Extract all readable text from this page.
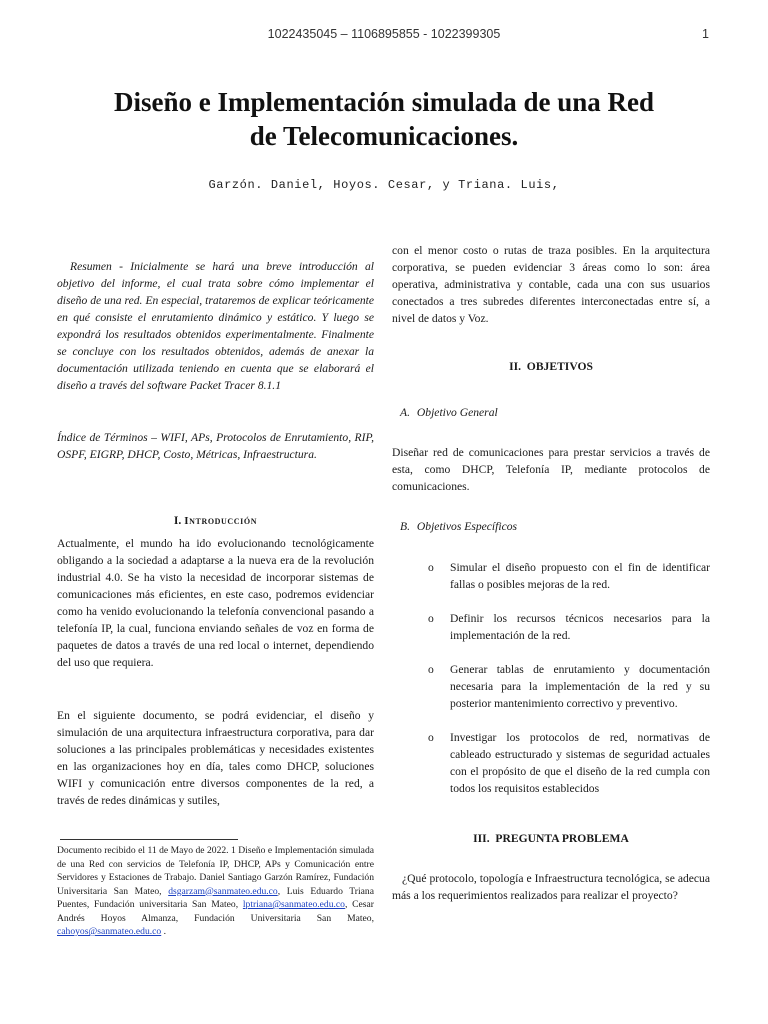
1022435045 – 1106895855 - 1022399305	1
Diseño e Implementación simulada de una Red
de Telecomunicaciones.
Garzón. Daniel, Hoyos. Cesar, y Triana. Luis,

Resumen - Inicialmente se hará una breve introducción al objetivo del informe, el cual trata sobre cómo implementar el diseño de una red. En especial, trataremos de explicar teóricamente en qué consiste el enrutamiento dinámico y estático. Y luego se expondrá los resultados obtenidos experimentalmente. Finalmente se concluye con los resultados obtenidos, además de anexar la documentación utilizada teniendo en cuenta que se elaborará el diseño a través del software Packet Tracer 8.1.1

Índice de Términos – WIFI, APs, Protocolos de Enrutamiento, RIP, OSPF, EIGRP, DHCP, Costo, Métricas, Infraestructura.

I. Introducción

Actualmente, el mundo ha ido evolucionando tecnológicamente obligando a la sociedad a adaptarse a la nueva era de la revolución industrial 4.0. Se ha visto la necesidad de incorporar sistemas de comunicaciones más eficientes, en este caso, podremos evidenciar como ha venido evolucionando la telefonía convencional pasando a telefonía IP, la cual, funciona enviando señales de voz en forma de paquetes de datos a través de una red local o internet, dependiendo del uso que requiera.

En el siguiente documento, se podrá evidenciar, el diseño y simulación de una arquitectura infraestructura corporativa, para dar soluciones a las principales problemáticas y necesidades existentes en las organizaciones hoy en día, tales como DHCP, soluciones WIFI y comunicación entre diversos componentes de la red, a través de redes dinámicas y sutiles,

Documento recibido el 11 de Mayo de 2022. 1 Diseño e Implementación simulada de una Red con servicios de Telefonía IP, DHCP, APs y Comunicación entre Servidores y Estaciones de Trabajo. Daniel Santiago Garzón Ramírez, Fundación Universitaria San Mateo, dsgarzam@sanmateo.edu.co, Luis Eduardo Triana Puentes, Fundación universitaria San Mateo, lptriana@sanmateo.edu.co, Cesar Andrés Hoyos Almanza, Fundación Universitaria San Mateo, cahoyos@sanmateo.edu.co .

con el menor costo o rutas de traza posibles. En la arquitectura corporativa, se pueden evidenciar 3 áreas como lo son: área operativa, administrativa y contable, cada una con sus usuarios conectados a tres subredes diferentes interconectadas entre sí, a nivel de datos y Voz.

II. OBJETIVOS
A. Objetivo General

Diseñar red de comunicaciones para prestar servicios a través de esta, como DHCP, Telefonía IP, mediante protocolos de comunicaciones.

B. Objetivos Específicos
o	Simular el diseño propuesto con el fin de identificar fallas o posibles mejoras de la red.
o	Definir los recursos técnicos necesarios para la implementación de la red.
o	Generar tablas de enrutamiento y documentación necesaria para la implementación de la red y su posterior mantenimiento correctivo y preventivo.
o	Investigar los protocolos de red, normativas de cableado estructurado y sistemas de seguridad actuales con el propósito de que el diseño de la red cumpla con todos los requisitos establecidos
III. PREGUNTA PROBLEMA

¿Qué protocolo, topología e Infraestructura tecnológica, se adecua más a los requerimientos realizados para realizar el proyecto?
